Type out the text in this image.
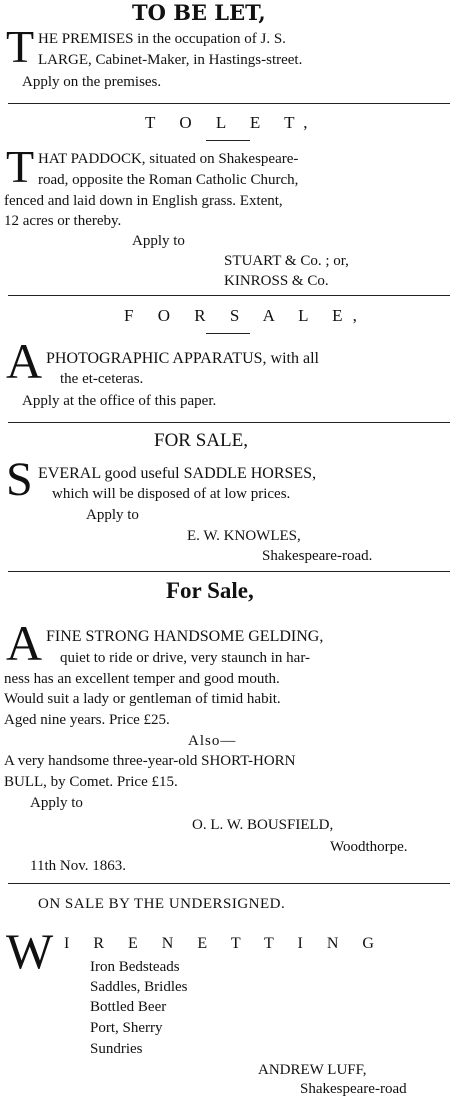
TO BE LET,
T HE PREMISES in the occupation of J. S.
LARGE, Cabinet-Maker, in Hastings-street.
Apply on the premises.
T O L E T,
T HAT PADDOCK, situated on Shakespeare-
road, opposite the Roman Catholic Church,
fenced and laid down in English grass. Extent,
12 acres or thereby.
Apply to
STUART & Co. ; or,
KINROSS & Co.
F O R S A L E,
A PHOTOGRAPHIC APPARATUS, with all
the et-ceteras.
Apply at the office of this paper.
FOR SALE,
S EVERAL good useful SADDLE HORSES,
which will be disposed of at low prices.
Apply to
E. W. KNOWLES,
Shakespeare-road.
For Sale,
A FINE STRONG HANDSOME GELDING,
quiet to ride or drive, very staunch in har-
ness has an excellent temper and good mouth.
Would suit a lady or gentleman of timid habit.
Aged nine years. Price £25.
Also—
A very handsome three-year-old SHORT-HORN
BULL, by Comet. Price £15.
Apply to
O. L. W. BOUSFIELD,
Woodthorpe.
11th Nov. 1863.
ON SALE BY THE UNDERSIGNED.
W I R E N E T T I N G
Iron Bedsteads
Saddles, Bridles
Bottled Beer
Port, Sherry
Sundries
ANDREW LUFF,
Shakespeare-road
